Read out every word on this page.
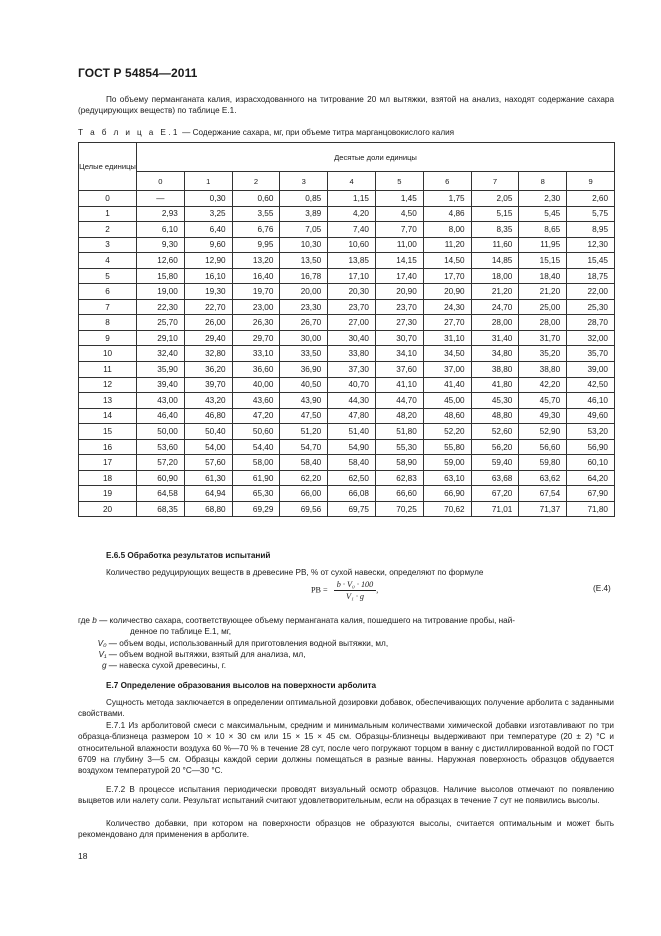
ГОСТ Р 54854—2011
По объему перманганата калия, израсходованного на титрование 20 мл вытяжки, взятой на анализ, находят содержание сахара (редуцирующих веществ) по таблице Е.1.
Т а б л и ц а Е.1 — Содержание сахара, мг, при объеме титра марганцовокислого калия
Целые единицы	Десятые доли единицы									
	0	1	2	3	4	5	6	7	8	9
0	—	0,30	0,60	0,85	1,15	1,45	1,75	2,05	2,30	2,60
1	2,93	3,25	3,55	3,89	4,20	4,50	4,86	5,15	5,45	5,75
2	6,10	6,40	6,76	7,05	7,40	7,70	8,00	8,35	8,65	8,95
3	9,30	9,60	9,95	10,30	10,60	11,00	11,20	11,60	11,95	12,30
4	12,60	12,90	13,20	13,50	13,85	14,15	14,50	14,85	15,15	15,45
5	15,80	16,10	16,40	16,78	17,10	17,40	17,70	18,00	18,40	18,75
6	19,00	19,30	19,70	20,00	20,30	20,90	20,90	21,20	21,20	22,00
7	22,30	22,70	23,00	23,30	23,70	23,70	24,30	24,70	25,00	25,30
8	25,70	26,00	26,30	26,70	27,00	27,30	27,70	28,00	28,00	28,70
9	29,10	29,40	29,70	30,00	30,40	30,70	31,10	31,40	31,70	32,00
10	32,40	32,80	33,10	33,50	33,80	34,10	34,50	34,80	35,20	35,70
11	35,90	36,20	36,60	36,90	37,30	37,60	37,00	38,80	38,80	39,00
12	39,40	39,70	40,00	40,50	40,70	41,10	41,40	41,80	42,20	42,50
13	43,00	43,20	43,60	43,90	44,30	44,70	45,00	45,30	45,70	46,10
14	46,40	46,80	47,20	47,50	47,80	48,20	48,60	48,80	49,30	49,60
15	50,00	50,40	50,60	51,20	51,40	51,80	52,20	52,60	52,90	53,20
16	53,60	54,00	54,40	54,70	54,90	55,30	55,80	56,20	56,60	56,90
17	57,20	57,60	58,00	58,40	58,40	58,90	59,00	59,40	59,80	60,10
18	60,90	61,30	61,90	62,20	62,50	62,83	63,10	63,68	63,62	64,20
19	64,58	64,94	65,30	66,00	66,08	66,60	66,90	67,20	67,54	67,90
20	68,35	68,80	69,29	69,56	69,75	70,25	70,62	71,01	71,37	71,80
Е.6.5 Обработка результатов испытаний
Количество редуцирующих веществ в древесине РВ, % от сухой навески, определяют по формуле
РВ = $\frac{\text{b · V₀ · 100}}{\text{V₁ · g}}$ ,	(Е.4)
где b — количество сахара, соответствующее объему перманганата калия, пошедшего на титрование пробы, най-
денное по таблице Е.1, мг,
V₀ — объем воды, использованный для приготовления водной вытяжки, мл,
V₁ — объем водной вытяжки, взятый для анализа, мл,
g — навеска сухой древесины, г.
Е.7 Определение образования высолов на поверхности арболита
Сущность метода заключается в определении оптимальной дозировки добавок, обеспечивающих получение арболита с заданными свойствами.
Е.7.1 Из арболитовой смеси с максимальным, средним и минимальным количествами химической добавки изготавливают по три образца-близнеца размером 10 × 10 × 30 см или 15 × 15 × 45 см. Образцы-близнецы выдерживают при температуре (20 ± 2) °С и относительной влажности воздуха 60 %—70 % в течение 28 сут, после чего погружают торцом в ванну с дистиллированной водой по ГОСТ 6709 на глубину 3—5 см. Образцы каждой серии должны помещаться в разные ванны. Наружная поверхность образцов обдувается воздухом температурой 20 °С—30 °С.
Е.7.2 В процессе испытания периодически проводят визуальный осмотр образцов. Наличие высолов отмечают по появлению выцветов или налету соли. Результат испытаний считают удовлетворительным, если на образцах в течение 7 сут не появились высолы.
Количество добавки, при котором на поверхности образцов не образуются высолы, считается оптимальным и может быть рекомендовано для применения в арболите.
18
